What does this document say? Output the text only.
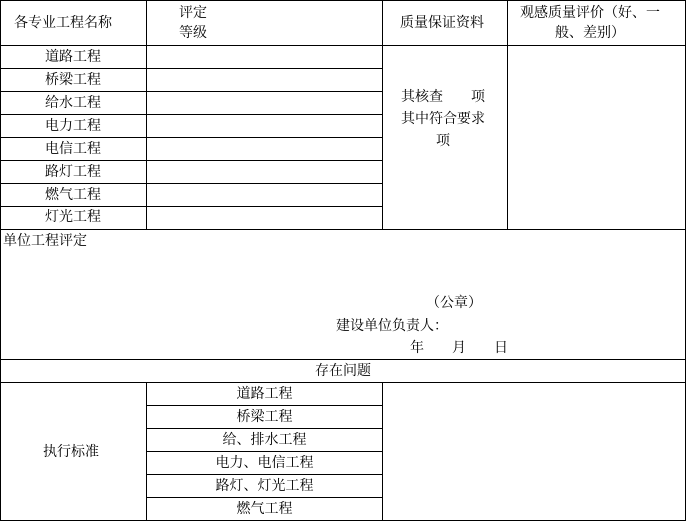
各专业工程名称
评定
等级
质量保证资料
观感质量评价（好、一
般、差别）
道路工程
桥梁工程
给水工程
电力工程
电信工程
路灯工程
燃气工程
灯光工程
其核查　　项
其中符合要求
项
单位工程评定
（公章）
建设单位负责人：
年　　月　　日
存在问题
执行标准
道路工程
桥梁工程
给、排水工程
电力、电信工程
路灯、灯光工程
燃气工程
